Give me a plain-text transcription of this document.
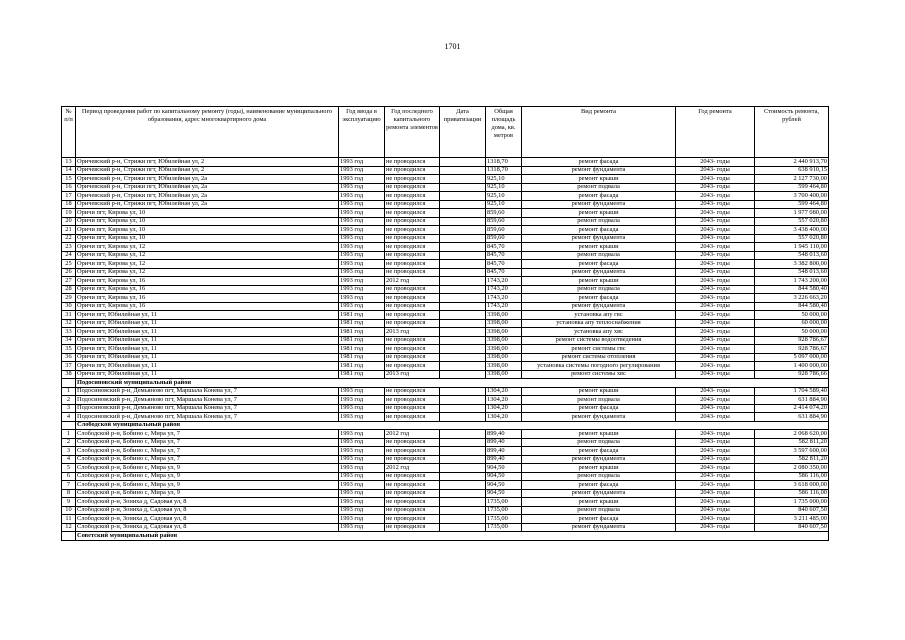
1701
№ п/п	Период проведения работ по капитальному ремонту (годы), наименование муниципального образования, адрес многоквартирного дома	Год ввода в эксплуатацию	Год последнего капитального ремонта элементов	Дата приватизации	Общая площадь дома, кв. метров	Вид ремонта	Год ремонта	Стоимость ремонта, рублей
13	Оричевский р-н, Стрижи пгт, Юбилейная ул, 2	1993 год	не проводился		1318,70	ремонт фасада	2043- годы	2 440 913,70
14	Оричевский р-н, Стрижи пгт, Юбилейная ул, 2	1993 год	не проводился		1318,70	ремонт фундамента	2043- годы	638 910,15
15	Оричевский р-н, Стрижи пгт, Юбилейная ул, 2а	1993 год	не проводился		925,10	ремонт крыши	2043- годы	2 127 730,00
16	Оричевский р-н, Стрижи пгт, Юбилейная ул, 2а	1993 год	не проводился		925,10	ремонт подвала	2043- годы	599 464,80
17	Оричевский р-н, Стрижи пгт, Юбилейная ул, 2а	1993 год	не проводился		925,10	ремонт фасада	2043- годы	3 700 400,00
18	Оричевский р-н, Стрижи пгт, Юбилейная ул, 2а	1993 год	не проводился		925,10	ремонт фундамента	2043- годы	599 464,80
19	Оричи пгт, Кирова ул, 10	1993 год	не проводился		859,60	ремонт крыши	2043- годы	1 977 080,00
20	Оричи пгт, Кирова ул, 10	1993 год	не проводился		859,60	ремонт подвала	2043- годы	557 020,80
21	Оричи пгт, Кирова ул, 10	1993 год	не проводился		859,60	ремонт фасада	2043- годы	3 438 400,00
22	Оричи пгт, Кирова ул, 10	1993 год	не проводился		859,60	ремонт фундамента	2043- годы	557 020,80
23	Оричи пгт, Кирова ул, 12	1993 год	не проводился		845,70	ремонт крыши	2043- годы	1 945 110,00
24	Оричи пгт, Кирова ул, 12	1993 год	не проводился		845,70	ремонт подвала	2043- годы	548 013,60
25	Оричи пгт, Кирова ул, 12	1993 год	не проводился		845,70	ремонт фасада	2043- годы	3 382 800,00
26	Оричи пгт, Кирова ул, 12	1993 год	не проводился		845,70	ремонт фундамента	2043- годы	548 013,60
27	Оричи пгт, Кирова ул, 16	1993 год	2012 год		1743,20	ремонт крыши	2043- годы	1 743 200,00
28	Оричи пгт, Кирова ул, 16	1993 год	не проводился		1743,20	ремонт подвала	2043- годы	844 580,40
29	Оричи пгт, Кирова ул, 16	1993 год	не проводился		1743,20	ремонт фасада	2043- годы	3 226 663,20
30	Оричи пгт, Кирова ул, 16	1993 год	не проводился		1743,20	ремонт фундамента	2043- годы	844 580,40
31	Оричи пгт, Юбилейная ул, 11	1981 год	не проводился		3398,00	установка апу гвс	2043- годы	50 000,00
32	Оричи пгт, Юбилейная ул, 11	1981 год	не проводился		3398,00	установка апу теплоснабжения	2043- годы	60 000,00
33	Оричи пгт, Юбилейная ул, 11	1981 год	2013 год		3398,00	установка апу хвс	2043- годы	50 000,00
34	Оричи пгт, Юбилейная ул, 11	1981 год	не проводился		3398,00	ремонт системы водоотведения	2043- годы	928 786,67
35	Оричи пгт, Юбилейная ул, 11	1981 год	не проводился		3398,00	ремонт системы гвс	2043- годы	928 786,67
36	Оричи пгт, Юбилейная ул, 11	1981 год	не проводился		3398,00	ремонт системы отопления	2043- годы	5 097 000,00
37	Оричи пгт, Юбилейная ул, 11	1981 год	не проводился		3398,00	установка системы погодного регулирования	2043- годы	1 400 000,00
38	Оричи пгт, Юбилейная ул, 11	1981 год	2013 год		3398,00	ремонт системы хвс	2043- годы	928 786,66
	Подосиновский муниципальный район							
1	Подосиновский р-н, Демьяново пгт, Маршала Конева ул, 7	1993 год	не проводился		1304,20	ремонт крыши	2043- годы	1 704 589,40
2	Подосиновский р-н, Демьяново пгт, Маршала Конева ул, 7	1993 год	не проводился		1304,20	ремонт подвала	2043- годы	631 884,90
3	Подосиновский р-н, Демьяново пгт, Маршала Конева ул, 7	1993 год	не проводился		1304,20	ремонт фасада	2043- годы	2 414 074,20
4	Подосиновский р-н, Демьяново пгт, Маршала Конева ул, 7	1993 год	не проводился		1304,20	ремонт фундамента	2043- годы	631 884,90
	Слободской муниципальный район							
1	Слободской р-н, Бобино с, Мира ул, 7	1993 год	2012 год		899,40	ремонт крыши	2043- годы	2 068 620,00
2	Слободской р-н, Бобино с, Мира ул, 7	1993 год	не проводился		899,40	ремонт подвала	2043- годы	582 811,20
3	Слободской р-н, Бобино с, Мира ул, 7	1993 год	не проводился		899,40	ремонт фасада	2043- годы	3 597 600,00
4	Слободской р-н, Бобино с, Мира ул, 7	1993 год	не проводился		899,40	ремонт фундамента	2043- годы	582 811,20
5	Слободской р-н, Бобино с, Мира ул, 9	1993 год	2012 год		904,50	ремонт крыши	2043- годы	2 080 350,00
6	Слободской р-н, Бобино с, Мира ул, 9	1993 год	не проводился		904,50	ремонт подвала	2043- годы	586 116,00
7	Слободской р-н, Бобино с, Мира ул, 9	1993 год	не проводился		904,50	ремонт фасада	2043- годы	3 618 000,00
8	Слободской р-н, Бобино с, Мира ул, 9	1993 год	не проводился		904,50	ремонт фундамента	2043- годы	586 116,00
9	Слободской р-н, Зониха д, Садовая ул, 8	1993 год	не проводился		1735,00	ремонт крыши	2043- годы	1 735 000,00
10	Слободской р-н, Зониха д, Садовая ул, 8	1993 год	не проводился		1735,00	ремонт подвала	2043- годы	840 607,50
11	Слободской р-н, Зониха д, Садовая ул, 8	1993 год	не проводился		1735,00	ремонт фасада	2043- годы	3 211 485,00
12	Слободской р-н, Зониха д, Садовая ул, 8	1993 год	не проводился		1735,00	ремонт фундамента	2043- годы	840 607,50
	Советский муниципальный район							
